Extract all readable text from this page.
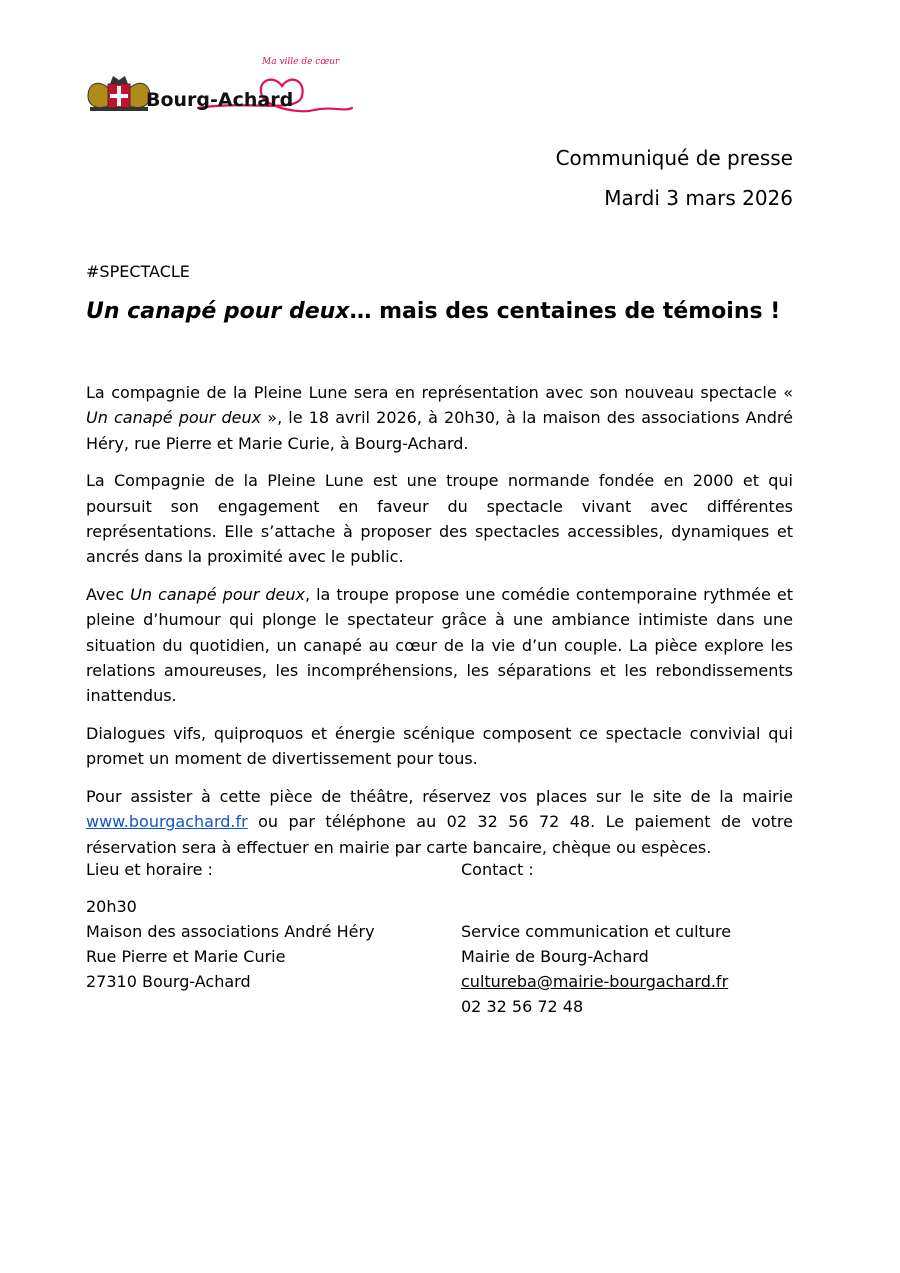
Ma ville de cœur
Bourg-Achard
Communiqué de presse
Mardi 3 mars 2026
#SPECTACLE
Un canapé pour deux… mais des centaines de témoins !

La compagnie de la Pleine Lune sera en représentation avec son nouveau spectacle « Un canapé pour deux », le 18 avril 2026, à 20h30, à la maison des associations André Héry, rue Pierre et Marie Curie, à Bourg-Achard.

La Compagnie de la Pleine Lune est une troupe normande fondée en 2000 et qui poursuit son engagement en faveur du spectacle vivant avec différentes représentations. Elle s’attache à proposer des spectacles accessibles, dynamiques et ancrés dans la proximité avec le public.

Avec Un canapé pour deux, la troupe propose une comédie contemporaine rythmée et pleine d’humour qui plonge le spectateur grâce à une ambiance intimiste dans une situation du quotidien, un canapé au cœur de la vie d’un couple. La pièce explore les relations amoureuses, les incompréhensions, les séparations et les rebondissements inattendus.

Dialogues vifs, quiproquos et énergie scénique composent ce spectacle convivial qui promet un moment de divertissement pour tous.

Pour assister à cette pièce de théâtre, réservez vos places sur le site de la mairie www.bourgachard.fr ou par téléphone au 02 32 56 72 48. Le paiement de votre réservation sera à effectuer en mairie par carte bancaire, chèque ou espèces.

Lieu et horaire :
20h30
Maison des associations André Héry
Rue Pierre et Marie Curie
27310 Bourg-Achard
Contact :
Service communication et culture
Mairie de Bourg-Achard
cultureba@mairie-bourgachard.fr
02 32 56 72 48
